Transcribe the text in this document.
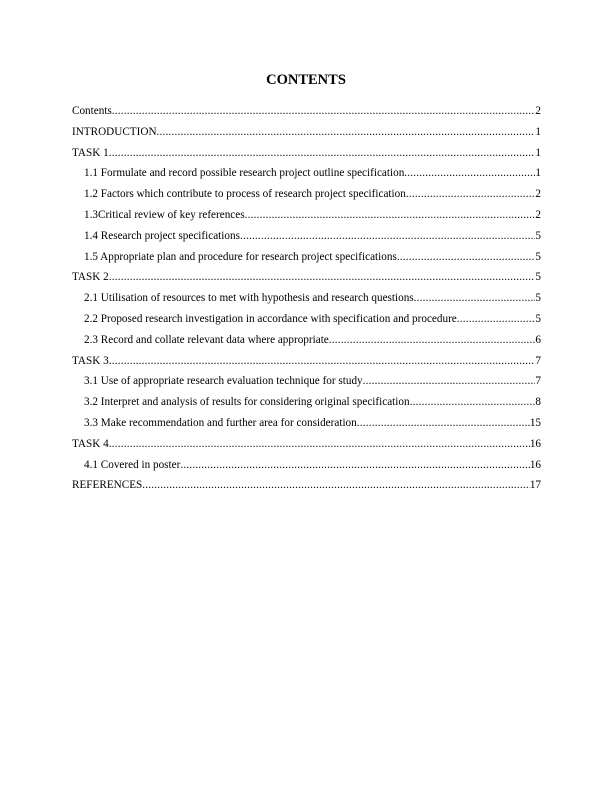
CONTENTS
Contents .....	2
INTRODUCTION .....	1
TASK 1 .....	1
1.1 Formulate and record possible research project outline specification .....	1
1.2 Factors which contribute to process of research project specification .....	2
1.3Critical review of key references .....	2
1.4 Research project specifications .....	5
1.5 Appropriate plan and procedure for research project specifications .....	5
TASK 2 .....	5
2.1 Utilisation of resources to met with hypothesis and research questions .....	5
2.2 Proposed research investigation in accordance with specification and procedure .....	5
2.3 Record and collate relevant data where appropriate .....	6
TASK 3 .....	7
3.1 Use of appropriate research evaluation technique for study .....	7
3.2 Interpret and analysis of results for considering original specification .....	8
3.3 Make recommendation and further area for consideration .....	15
TASK 4 .....	16
4.1 Covered in poster .....	16
REFERENCES .....	17
